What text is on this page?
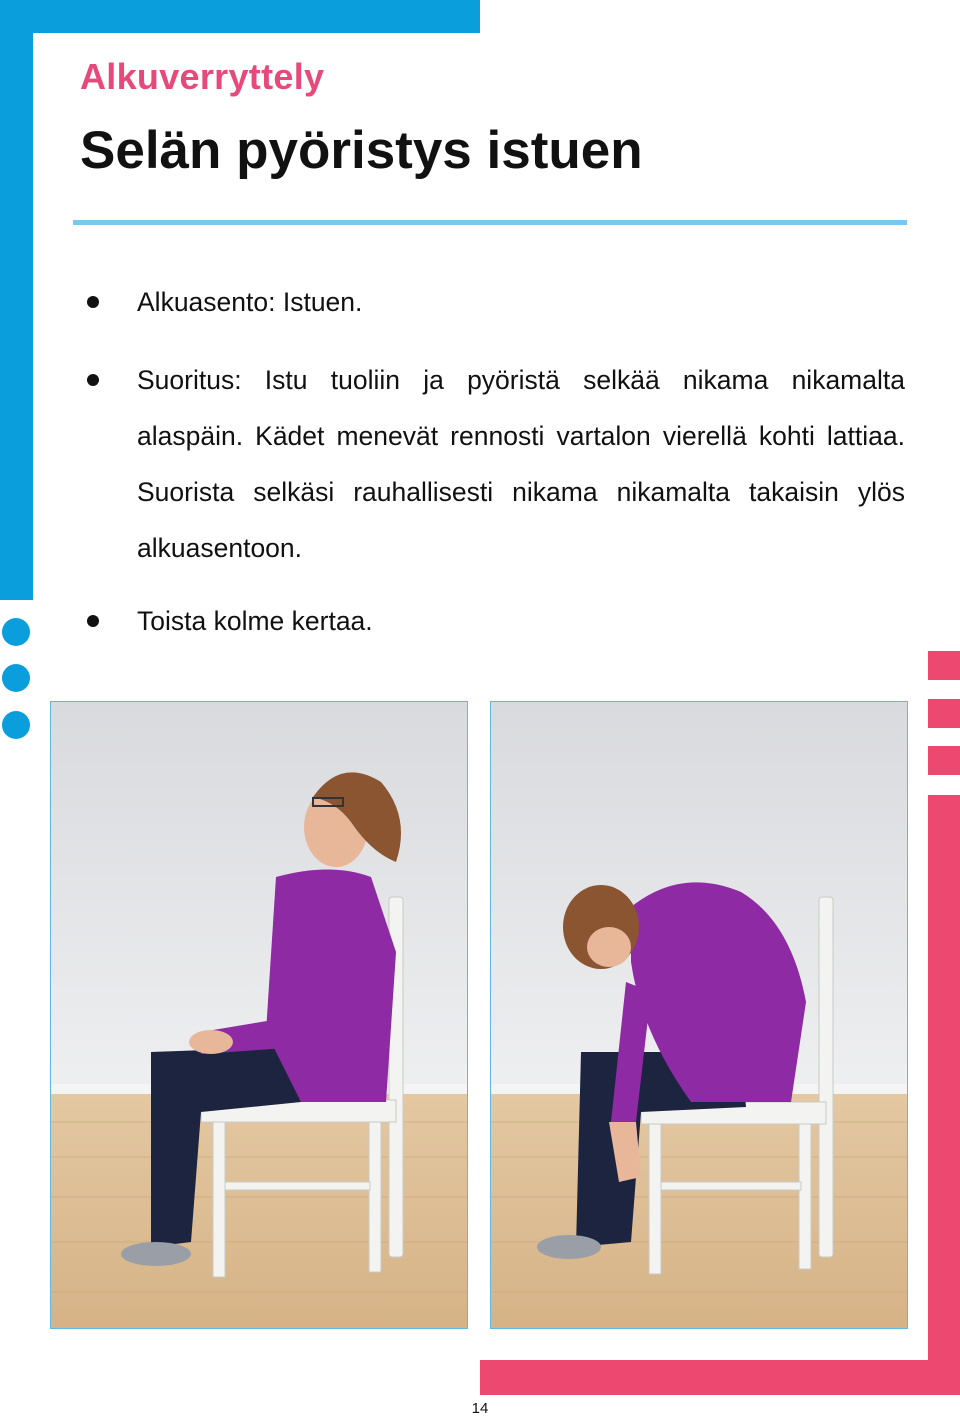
Alkuverryttely
Selän pyöristys istuen
Alkuasento: Istuen.
Suoritus: Istu tuoliin ja pyöristä selkää nikama nikamalta alaspäin. Kädet menevät rennosti vartalon vierellä kohti lattiaa. Suorista selkäsi rauhallisesti nikama nikamalta takaisin ylös alkuasentoon.
Toista kolme kertaa.
14
